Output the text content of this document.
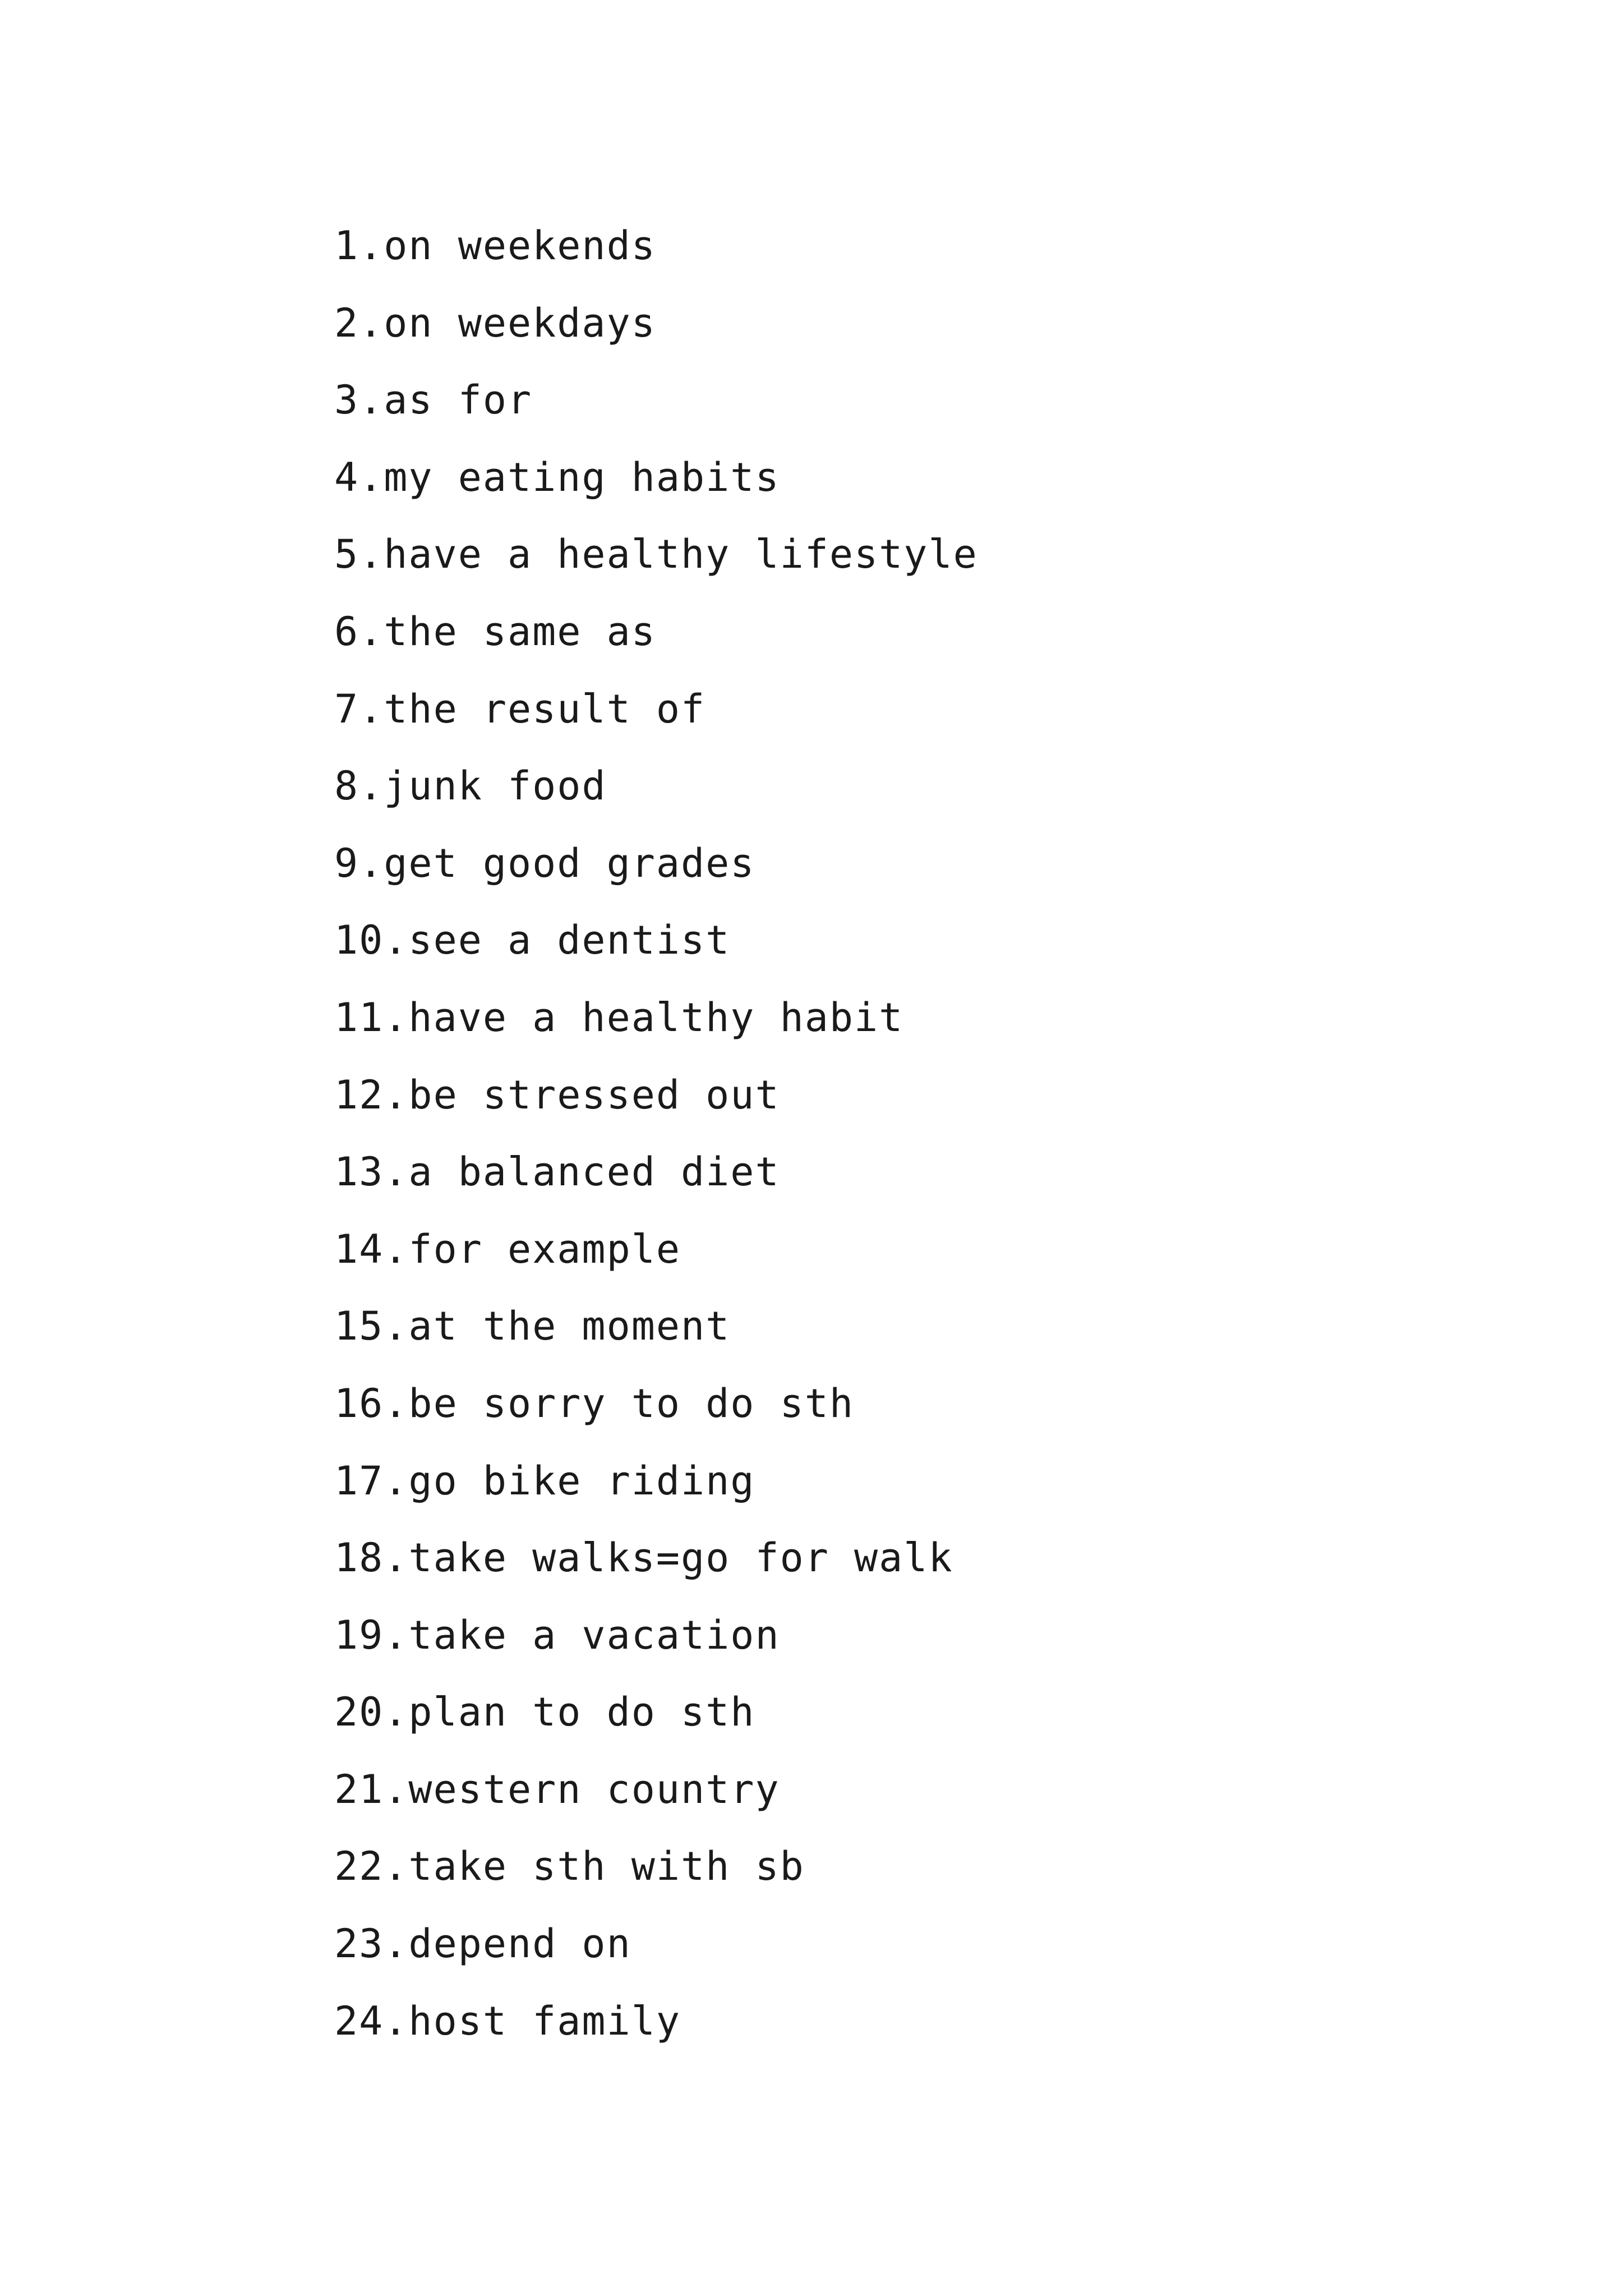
1.on weekends
2.on weekdays
3.as for
4.my eating habits
5.have a healthy lifestyle
6.the same as
7.the result of
8.junk food
9.get good grades
10.see a dentist
11.have a healthy habit
12.be stressed out
13.a balanced diet
14.for example
15.at the moment
16.be sorry to do sth
17.go bike riding
18.take walks=go for walk
19.take a vacation
20.plan to do sth
21.western country
22.take sth with sb
23.depend on
24.host family
